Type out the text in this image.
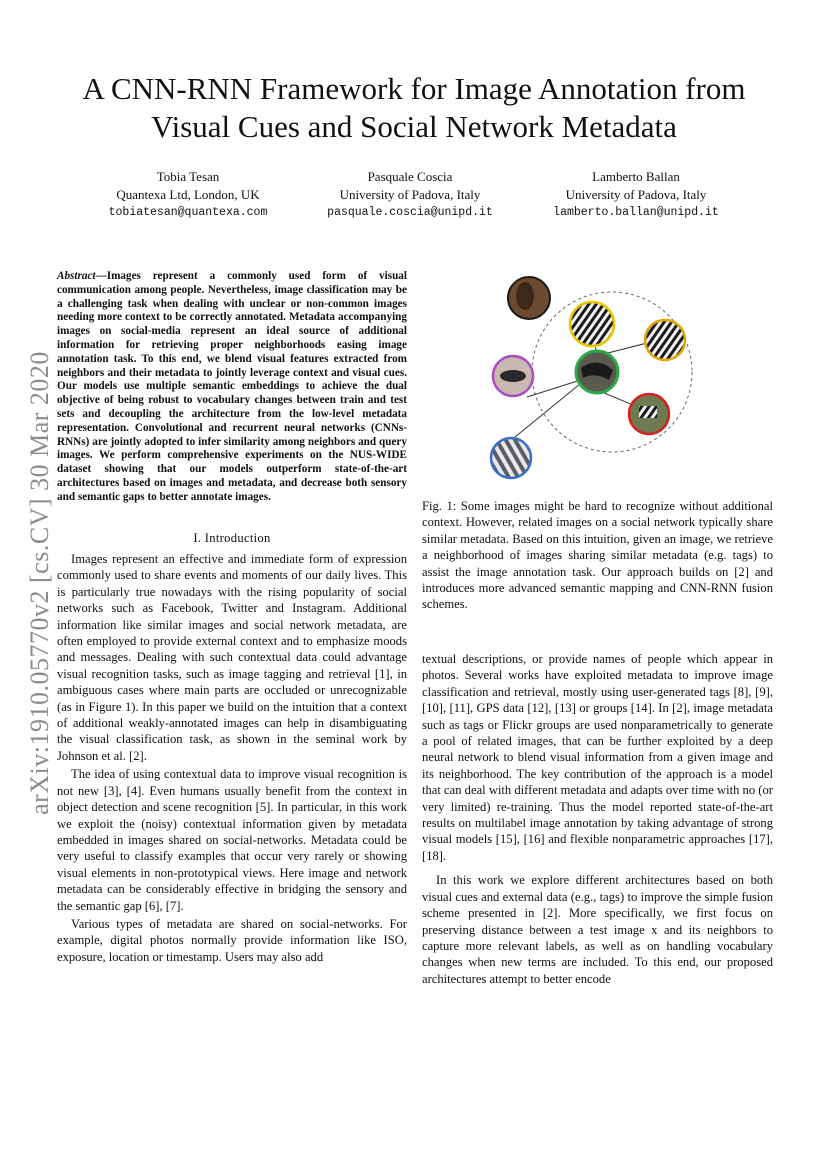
A CNN-RNN Framework for Image Annotation from Visual Cues and Social Network Metadata
Tobia Tesan
Quantexa Ltd, London, UK
tobiatesan@quantexa.com
Pasquale Coscia
University of Padova, Italy
pasquale.coscia@unipd.it
Lamberto Ballan
University of Padova, Italy
lamberto.ballan@unipd.it
arXiv:1910.05770v2 [cs.CV] 30 Mar 2020
Abstract—Images represent a commonly used form of visual communication among people. Nevertheless, image classification may be a challenging task when dealing with unclear or non-common images needing more context to be correctly annotated. Metadata accompanying images on social-media represent an ideal source of additional information for retrieving proper neighborhoods easing image annotation task. To this end, we blend visual features extracted from neighbors and their metadata to jointly leverage context and visual cues. Our models use multiple semantic embeddings to achieve the dual objective of being robust to vocabulary changes between train and test sets and decoupling the architecture from the low-level metadata representation. Convolutional and recurrent neural networks (CNNs-RNNs) are jointly adopted to infer similarity among neighbors and query images. We perform comprehensive experiments on the NUS-WIDE dataset showing that our models outperform state-of-the-art architectures based on images and metadata, and decrease both sensory and semantic gaps to better annotate images.
I. Introduction

Images represent an effective and immediate form of expression commonly used to share events and moments of our daily lives. This is particularly true nowadays with the rising popularity of social networks such as Facebook, Twitter and Instagram. Additional information like similar images and social network metadata, are often employed to provide external context and to emphasize moods and messages. Dealing with such contextual data could advantage visual recognition tasks, such as image tagging and retrieval [1], in ambiguous cases where main parts are occluded or unrecognizable (as in Figure 1). In this paper we build on the intuition that a context of additional weakly-annotated images can help in disambiguating the visual classification task, as shown in the seminal work by Johnson et al. [2].

The idea of using contextual data to improve visual recognition is not new [3], [4]. Even humans usually benefit from the context in object detection and scene recognition [5]. In particular, in this work we exploit the (noisy) contextual information given by metadata embedded in images shared on social-networks. Metadata could be very useful to classify examples that occur very rarely or showing visual elements in non-prototypical views. Here image and network metadata can be considerably effective in bridging the sensory and the semantic gap [6], [7].

Various types of metadata are shared on social-networks. For example, digital photos normally provide information like ISO, exposure, location or timestamp. Users may also add

Fig. 1: Some images might be hard to recognize without additional context. However, related images on a social network typically share similar metadata. Based on this intuition, given an image, we retrieve a neighborhood of images sharing similar metadata (e.g. tags) to assist the image annotation task. Our approach builds on [2] and introduces more advanced semantic mapping and CNN-RNN fusion schemes.

textual descriptions, or provide names of people which appear in photos. Several works have exploited metadata to improve image classification and retrieval, mostly using user-generated tags [8], [9], [10], [11], GPS data [12], [13] or groups [14]. In [2], image metadata such as tags or Flickr groups are used nonparametrically to generate a pool of related images, that can be further exploited by a deep neural network to blend visual information from a given image and its neighborhood. The key contribution of the approach is a model that can deal with different metadata and adapts over time with no (or very limited) re-training. Thus the model reported state-of-the-art results on multilabel image annotation by taking advantage of strong visual models [15], [16] and flexible nonparametric approaches [17], [18].

In this work we explore different architectures based on both visual cues and external data (e.g., tags) to improve the simple fusion scheme presented in [2]. More specifically, we first focus on preserving distance between a test image x and its neighbors to capture more relevant labels, as well as on handling vocabulary changes when new terms are included. To this end, our proposed architectures attempt to better encode
